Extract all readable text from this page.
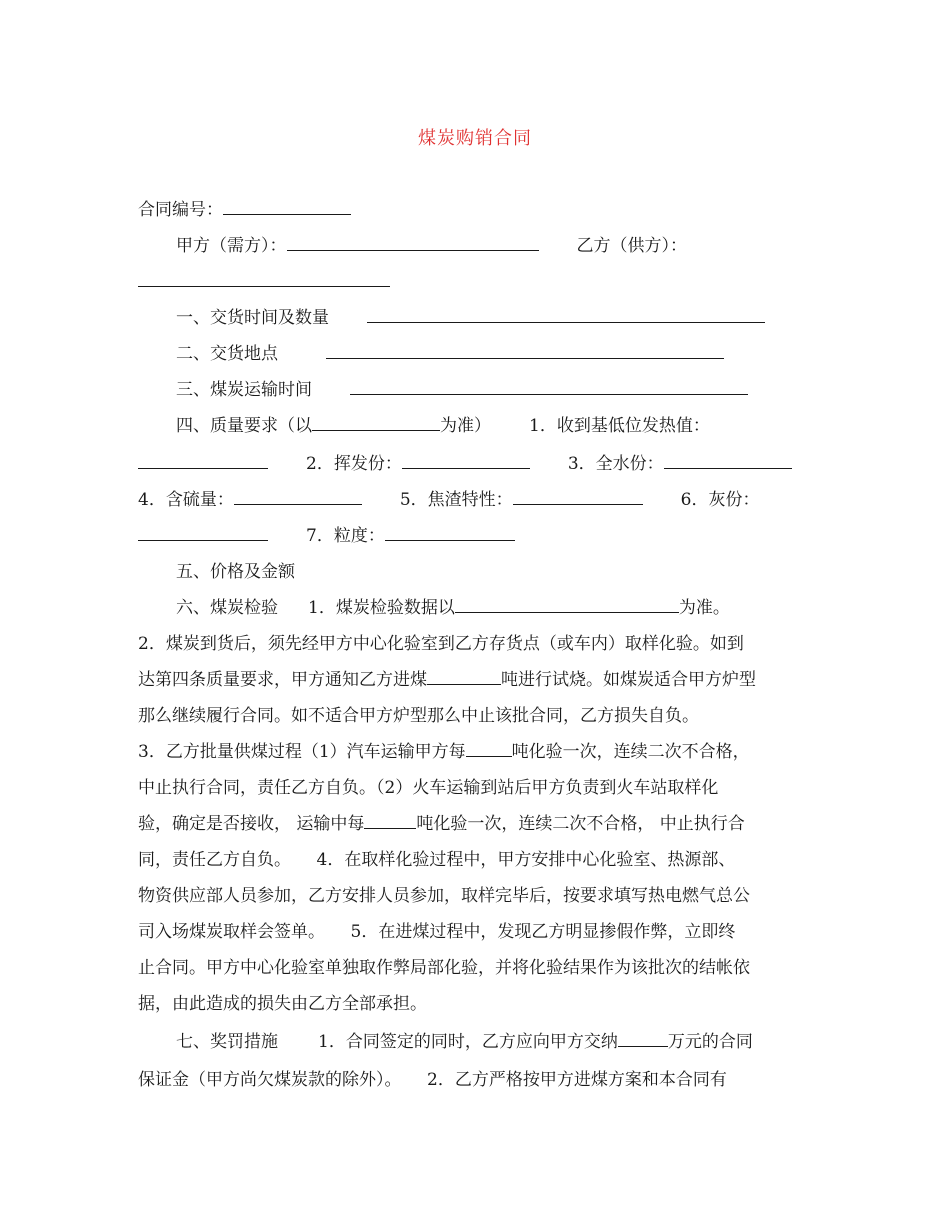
煤炭购销合同
合同编号：
甲方（需方）：	乙方（供方）：
一、交货时间及数量
二、交货地点
三、煤炭运输时间
四、质量要求（以	为准） 1．收到基低位发热值：
2．挥发份：	3．全水份：
4．含硫量：	5．焦渣特性：	6．灰份：
7．粒度：
五、价格及金额
六、煤炭检验 1．煤炭检验数据以	为准。
2．煤炭到货后，须先经甲方中心化验室到乙方存货点（或车内）取样化验。如到
达第四条质量要求，甲方通知乙方进煤	吨进行试烧。如煤炭适合甲方炉型
那么继续履行合同。如不适合甲方炉型那么中止该批合同，乙方损失自负。
3．乙方批量供煤过程（1）汽车运输甲方每	吨化验一次，连续二次不合格，
中止执行合同，责任乙方自负。（2）火车运输到站后甲方负责到火车站取样化
验，确定是否接收， 运输中每	吨化验一次，连续二次不合格， 中止执行合
同，责任乙方自负。　　4．在取样化验过程中，甲方安排中心化验室、热源部、
物资供应部人员参加，乙方安排人员参加，取样完毕后，按要求填写热电燃气总公
司入场煤炭取样会签单。　　5．在进煤过程中，发现乙方明显掺假作弊，立即终
止合同。甲方中心化验室单独取作弊局部化验，并将化验结果作为该批次的结帐依
据，由此造成的损失由乙方全部承担。
七、奖罚措施 1．合同签定的同时，乙方应向甲方交纳	万元的合同
保证金（甲方尚欠煤炭款的除外）。　　2．乙方严格按甲方进煤方案和本合同有
